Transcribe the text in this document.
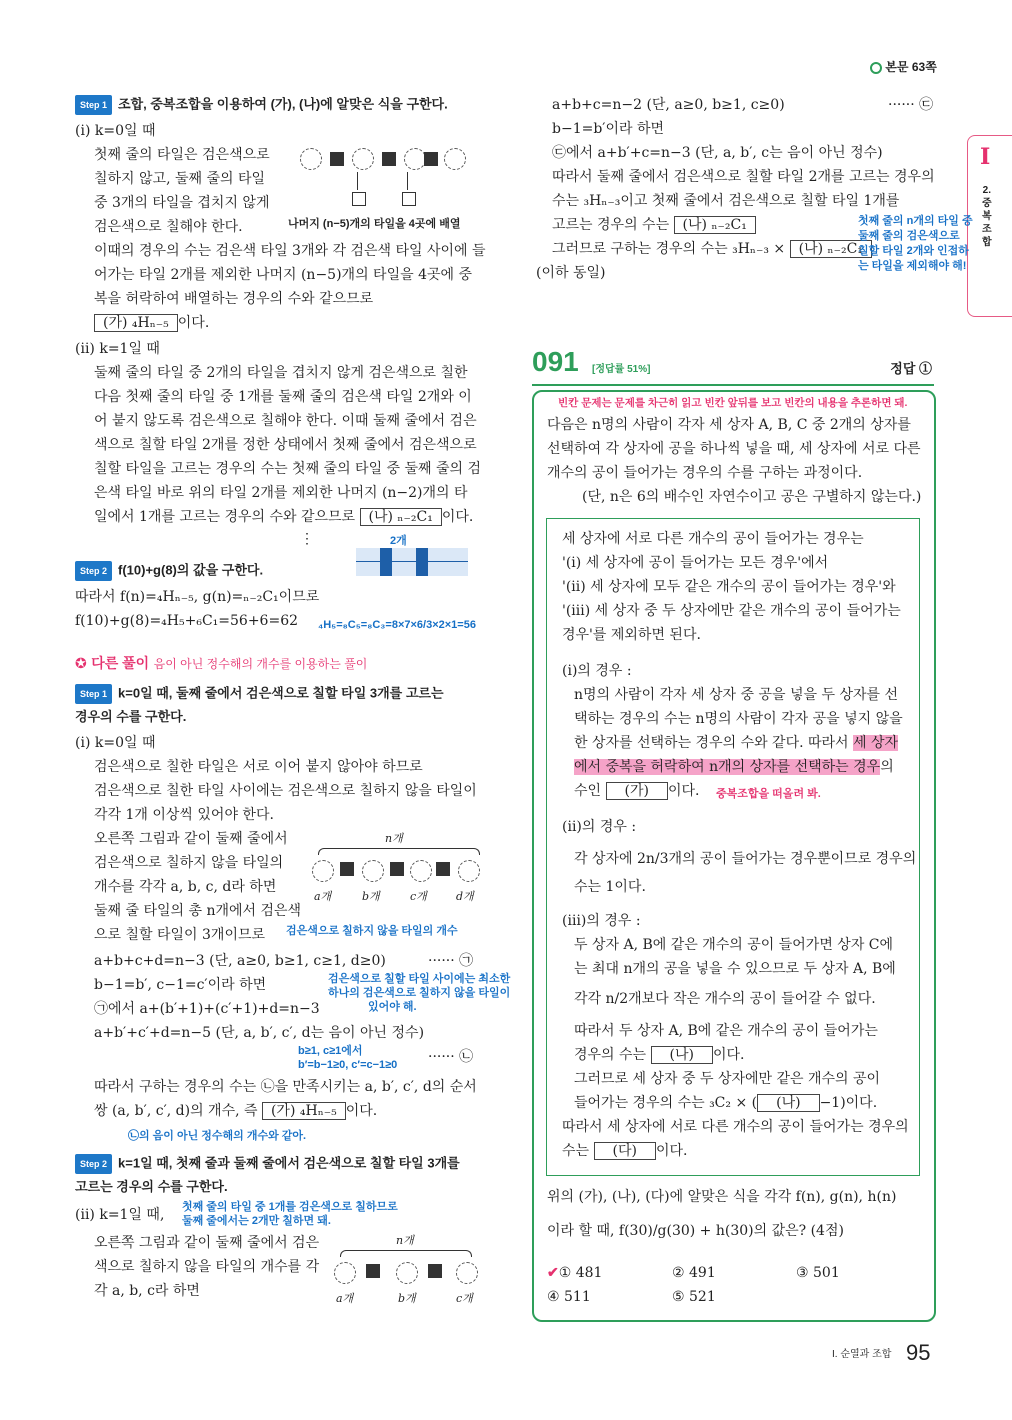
본문 63쪽
I
2.
중
복
조
합
Step 1 조합, 중복조합을 이용하여 (가), (나)에 알맞은 식을 구한다.
(ⅰ) k=0일 때
첫째 줄의 타일은 검은색으로
칠하지 않고, 둘째 줄의 타일
중 3개의 타일을 겹치지 않게
검은색으로 칠해야 한다.	나머지 (n−5)개의 타일을 4곳에 배열
이때의 경우의 수는 검은색 타일 3개와 각 검은색 타일 사이에 들
어가는 타일 2개를 제외한 나머지 (n−5)개의 타일을 4곳에 중
복을 허락하여 배열하는 경우의 수와 같으므로
(가) ₄Hₙ₋₅ 이다.
(ⅱ) k=1일 때
둘째 줄의 타일 중 2개의 타일을 겹치지 않게 검은색으로 칠한
다음 첫째 줄의 타일 중 1개를 둘째 줄의 검은색 타일 2개와 이
어 붙지 않도록 검은색으로 칠해야 한다. 이때 둘째 줄에서 검은
색으로 칠할 타일 2개를 정한 상태에서 첫째 줄에서 검은색으로
칠할 타일을 고르는 경우의 수는 첫째 줄의 타일 중 둘째 줄의 검
은색 타일 바로 위의 타일 2개를 제외한 나머지 (n−2)개의 타
일에서 1개를 고르는 경우의 수와 같으므로 (나) ₙ₋₂C₁ 이다.
⋮	2개
Step 2 f(10)+g(8)의 값을 구한다.
따라서 f(n)=₄Hₙ₋₅, g(n)=ₙ₋₂C₁이므로
f(10)+g(8)=₄H₅+₆C₁=56+6=62 ₄H₅=₈C₅=₈C₃=8×7×6/3×2×1=56
✪ 다른 풀이 음이 아닌 정수해의 개수를 이용하는 풀이
Step 1 k=0일 때, 둘째 줄에서 검은색으로 칠할 타일 3개를 고르는
경우의 수를 구한다.
(ⅰ) k=0일 때
검은색으로 칠한 타일은 서로 이어 붙지 않아야 하므로
검은색으로 칠한 타일 사이에는 검은색으로 칠하지 않을 타일이
각각 1개 이상씩 있어야 한다.
오른쪽 그림과 같이 둘째 줄에서
검은색으로 칠하지 않을 타일의
개수를 각각 a, b, c, d라 하면
둘째 줄 타일의 총 n개에서 검은색
으로 칠할 타일이 3개이므로
n개
a개	b개	c개	d개
검은색으로 칠하지 않을 타일의 개수
a+b+c+d=n−3 (단, a≥0, b≥1, c≥1, d≥0)	······ ㉠
b−1=b′, c−1=c′이라 하면	검은색으로 칠할 타일 사이에는 최소한
하나의 검은색으로 칠하지 않을 타일이
있어야 해.
㉠에서 a+(b′+1)+(c′+1)+d=n−3
a+b′+c′+d=n−5 (단, a, b′, c′, d는 음이 아닌 정수)
b≥1, c≥1에서
b′=b−1≥0, c′=c−1≥0 ······ ㉡
따라서 구하는 경우의 수는 ㉡을 만족시키는 a, b′, c′, d의 순서
쌍 (a, b′, c′, d)의 개수, 즉 (가) ₄Hₙ₋₅ 이다.
㉡의 음이 아닌 정수해의 개수와 같아.
Step 2 k=1일 때, 첫째 줄과 둘째 줄에서 검은색으로 칠할 타일 3개를
고르는 경우의 수를 구한다.
(ⅱ) k=1일 때, 첫째 줄의 타일 중 1개를 검은색으로 칠하므로
둘째 줄에서는 2개만 칠하면 돼.
오른쪽 그림과 같이 둘째 줄에서 검은
색으로 칠하지 않을 타일의 개수를 각
각 a, b, c라 하면
n개
a개	b개	c개
a+b+c=n−2 (단, a≥0, b≥1, c≥0)	······ ㉢
b−1=b′이라 하면
㉢에서 a+b′+c=n−3 (단, a, b′, c는 음이 아닌 정수)
따라서 둘째 줄에서 검은색으로 칠할 타일 2개를 고르는 경우의
수는 ₃Hₙ₋₃이고 첫째 줄에서 검은색으로 칠할 타일 1개를
고르는 경우의 수는 (나) ₙ₋₂C₁
그러므로 구하는 경우의 수는 ₃Hₙ₋₃ × (나) ₙ₋₂C₁
(이하 동일)
첫째 줄의 n개의 타일 중
둘째 줄의 검은색으로
칠할 타일 2개와 인접하
는 타일을 제외해야 해!
091 [정답률 51%]	정답 ①
빈칸 문제는 문제를 차근히 읽고 빈칸 앞뒤를 보고 빈칸의 내용을 추론하면 돼.
다음은 n명의 사람이 각자 세 상자 A, B, C 중 2개의 상자를
선택하여 각 상자에 공을 하나씩 넣을 때, 세 상자에 서로 다른
개수의 공이 들어가는 경우의 수를 구하는 과정이다.
(단, n은 6의 배수인 자연수이고 공은 구별하지 않는다.)
세 상자에 서로 다른 개수의 공이 들어가는 경우는
'(ⅰ) 세 상자에 공이 들어가는 모든 경우'에서
'(ⅱ) 세 상자에 모두 같은 개수의 공이 들어가는 경우'와
'(ⅲ) 세 상자 중 두 상자에만 같은 개수의 공이 들어가는
경우'를 제외하면 된다.
(ⅰ)의 경우 :
n명의 사람이 각자 세 상자 중 공을 넣을 두 상자를 선
택하는 경우의 수는 n명의 사람이 각자 공을 넣지 않을
한 상자를 선택하는 경우의 수와 같다. 따라서 세 상자
에서 중복을 허락하여 n개의 상자를 선택하는 경우의
수인 (가) 이다. 중복조합을 떠올려 봐.
(ⅱ)의 경우 :
각 상자에 2n/3개의 공이 들어가는 경우뿐이므로 경우의
수는 1이다.
(ⅲ)의 경우 :
두 상자 A, B에 같은 개수의 공이 들어가면 상자 C에
는 최대 n개의 공을 넣을 수 있으므로 두 상자 A, B에
각각 n/2개보다 작은 개수의 공이 들어갈 수 없다.
따라서 두 상자 A, B에 같은 개수의 공이 들어가는
경우의 수는 (나) 이다.
그러므로 세 상자 중 두 상자에만 같은 개수의 공이
들어가는 경우의 수는 ₃C₂ × ( (나) −1)이다.
따라서 세 상자에 서로 다른 개수의 공이 들어가는 경우의
수는 (다) 이다.
위의 (가), (나), (다)에 알맞은 식을 각각 f(n), g(n), h(n)
이라 할 때, f(30)/g(30) + h(30)의 값은? (4점)
✔① 481	② 491	③ 501
④ 511	⑤ 521
I. 순열과 조합 95
